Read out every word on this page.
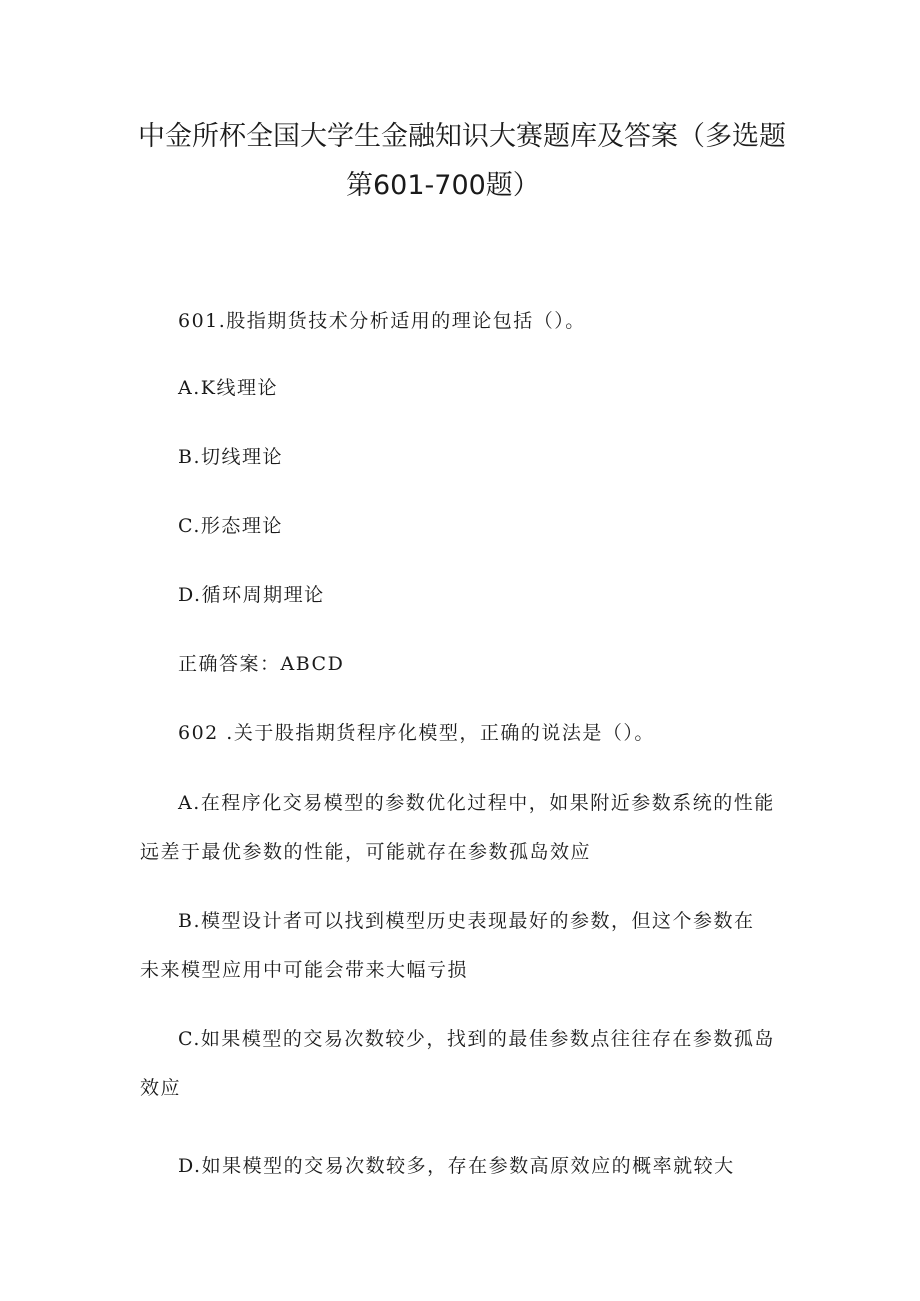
中金所杯全国大学生金融知识大赛题库及答案（多选题
第601-700题）
601.股指期货技术分析适用的理论包括（）。
A.K线理论
B.切线理论
C.形态理论
D.循环周期理论
正确答案：ABCD
602 .关于股指期货程序化模型，正确的说法是（）。
A.在程序化交易模型的参数优化过程中，如果附近参数系统的性能
远差于最优参数的性能，可能就存在参数孤岛效应
B.模型设计者可以找到模型历史表现最好的参数，但这个参数在
未来模型应用中可能会带来大幅亏损
C.如果模型的交易次数较少，找到的最佳参数点往往存在参数孤岛
效应
D.如果模型的交易次数较多，存在参数高原效应的概率就较大
